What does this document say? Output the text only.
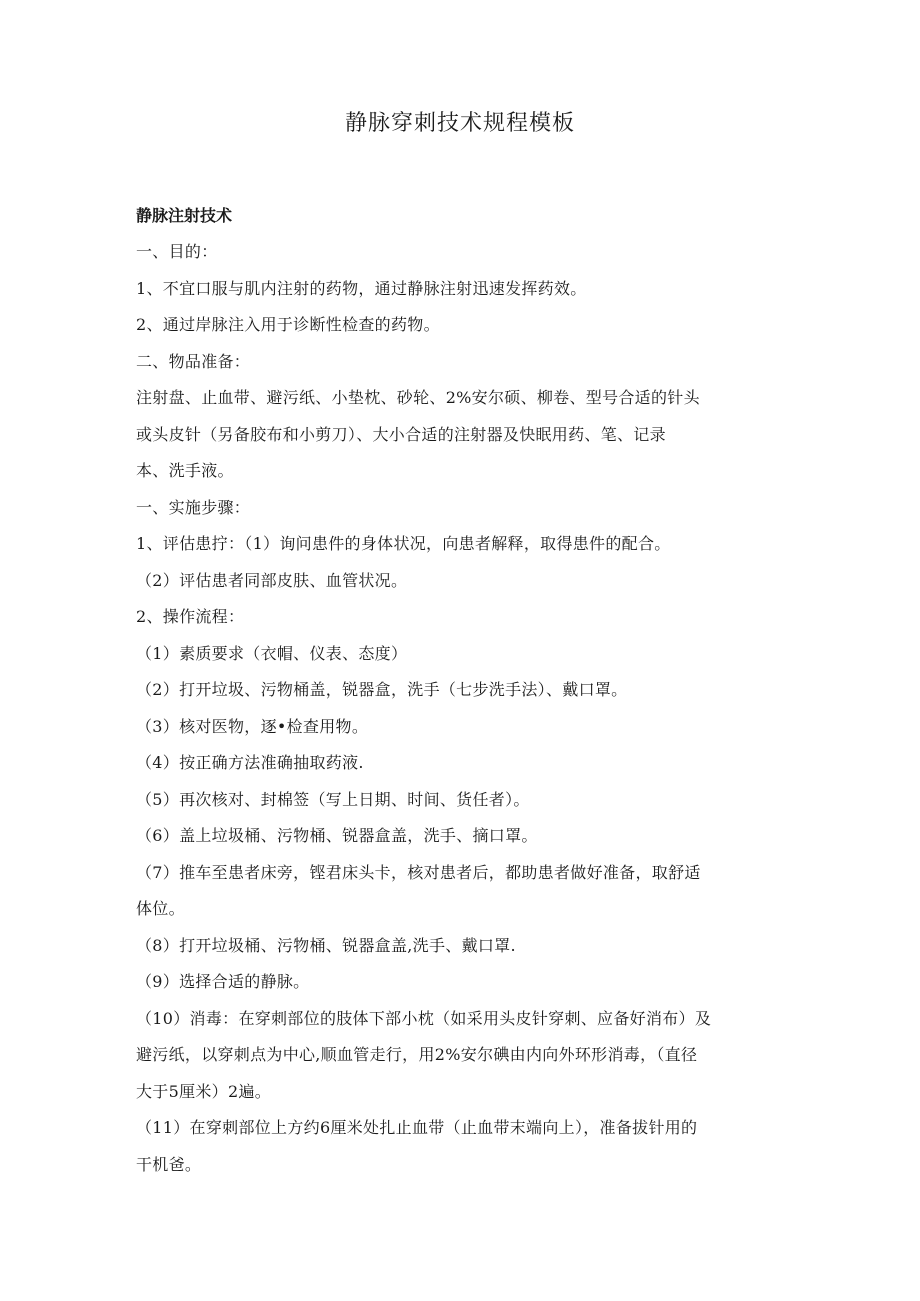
静脉穿刺技术规程模板

静脉注射技术

一、目的：

1、不宜口服与肌内注射的药物，通过静脉注射迅速发挥药效。

2、通过岸脉注入用于诊断性检查的药物。

二、物品准备：

注射盘、止血带、避污纸、小垫枕、砂轮、2%安尔硕、柳卷、型号合适的针头

或头皮针（另备胶布和小剪刀）、大小合适的注射器及快眠用药、笔、记录

本、洗手液。

一、实施步骤：

1、评估患拧：（1）询问患件的身体状况，向患者解释，取得患件的配合。

（2）评估患者同部皮肤、血管状况。

2、操作流程：

（1）素质要求（衣帽、仪表、态度）

（2）打开垃圾、污物桶盖，锐器盒，洗手（七步洗手法）、戴口罩。

（3）核对医物，逐•检查用物。

（4）按正确方法准确抽取药液.

（5）再次核对、封棉签（写上日期、时间、货任者）。

（6）盖上垃圾桶、污物桶、锐器盒盖，洗手、摘口罩。

（7）推车至患者床旁，铿君床头卡，核对患者后，都助患者做好准备，取舒适

体位。

（8）打开垃圾桶、污物桶、锐器盒盖,洗手、戴口罩.

（9）选择合适的静脉。

（10）消毒：在穿刺部位的肢体下部小枕（如采用头皮针穿刺、应备好消布）及

避污纸，以穿刺点为中心,顺血管走行，用2%安尔碘由内向外环形消毒，（直径

大于5厘米）2遍。

（11）在穿刺部位上方约6厘米处扎止血带（止血带末端向上），准备拔针用的

干机爸。
